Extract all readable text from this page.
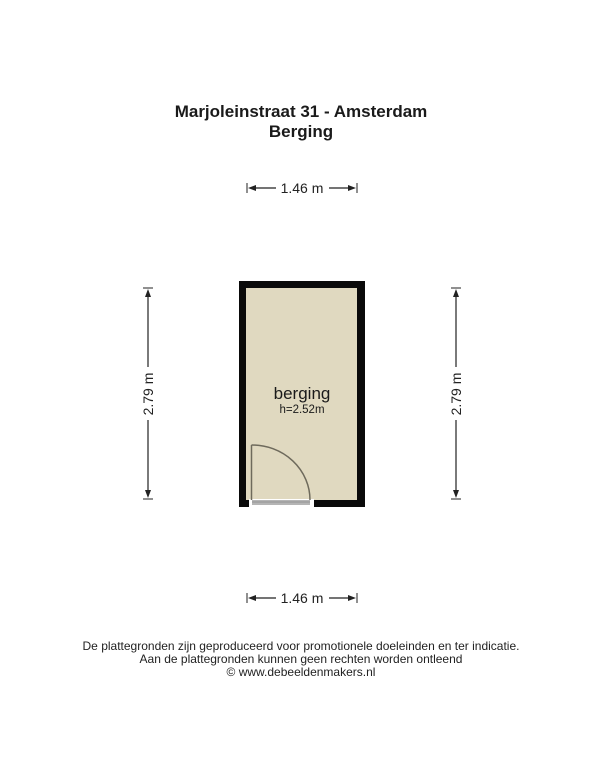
Marjoleinstraat 31 - Amsterdam
Berging
1.46 m
1.46 m
2.79 m	2.79 m
berging
h=2.52m
De plattegronden zijn geproduceerd voor promotionele doeleinden en ter indicatie.
Aan de plattegronden kunnen geen rechten worden ontleend
© www.debeeldenmakers.nl
